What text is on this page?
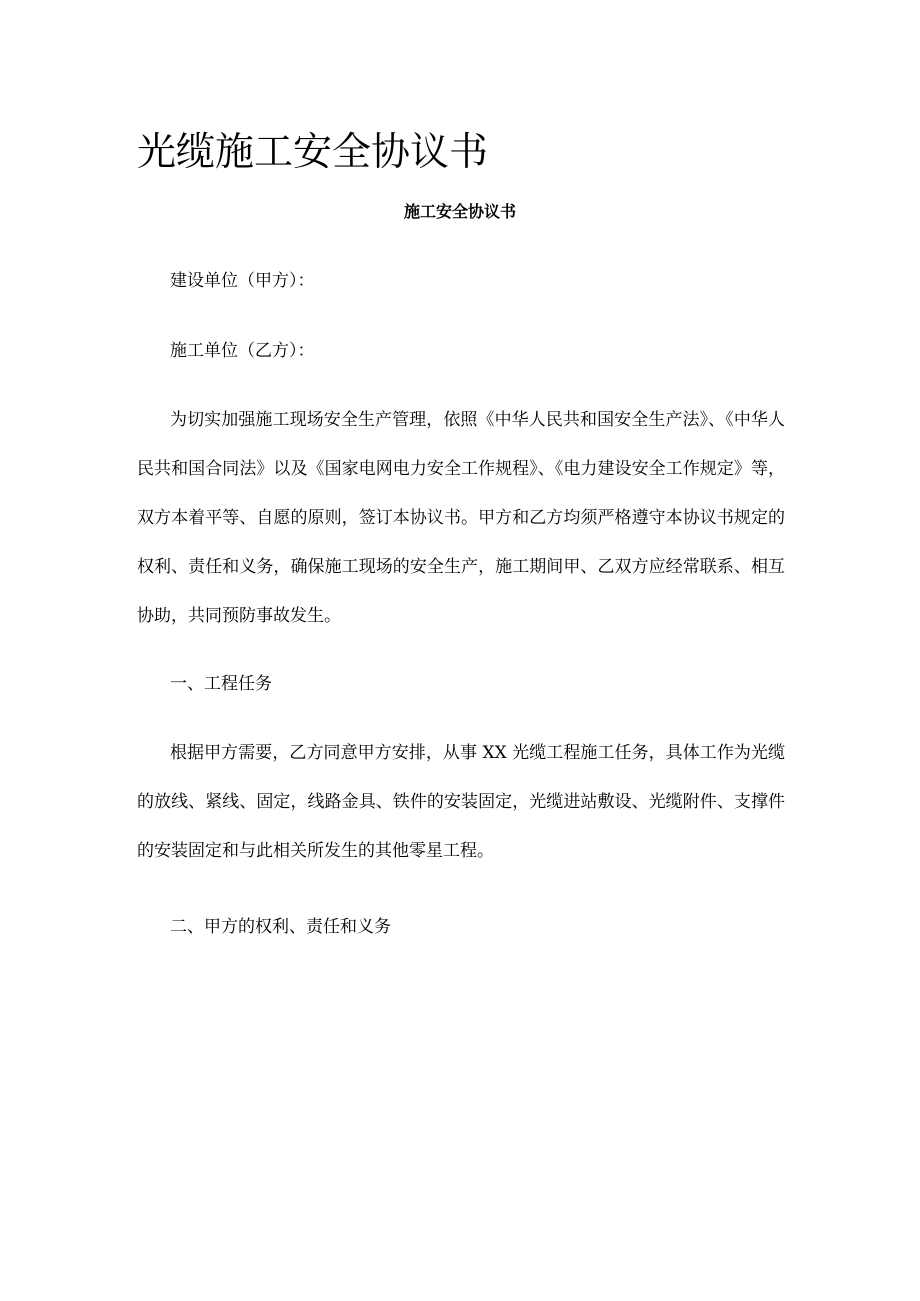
光缆施工安全协议书
施工安全协议书
建设单位（甲方）：
施工单位（乙方）：

为切实加强施工现场安全生产管理，依照《中华人民共和国安全生产法》、《中华人民共和国合同法》以及《国家电网电力安全工作规程》、《电力建设安全工作规定》等，双方本着平等、自愿的原则，签订本协议书。甲方和乙方均须严格遵守本协议书规定的权利、责任和义务，确保施工现场的安全生产，施工期间甲、乙双方应经常联系、相互协助，共同预防事故发生。

一、工程任务

根据甲方需要，乙方同意甲方安排，从事 XX 光缆工程施工任务，具体工作为光缆的放线、紧线、固定，线路金具、铁件的安装固定，光缆进站敷设、光缆附件、支撑件的安装固定和与此相关所发生的其他零星工程。

二、甲方的权利、责任和义务
